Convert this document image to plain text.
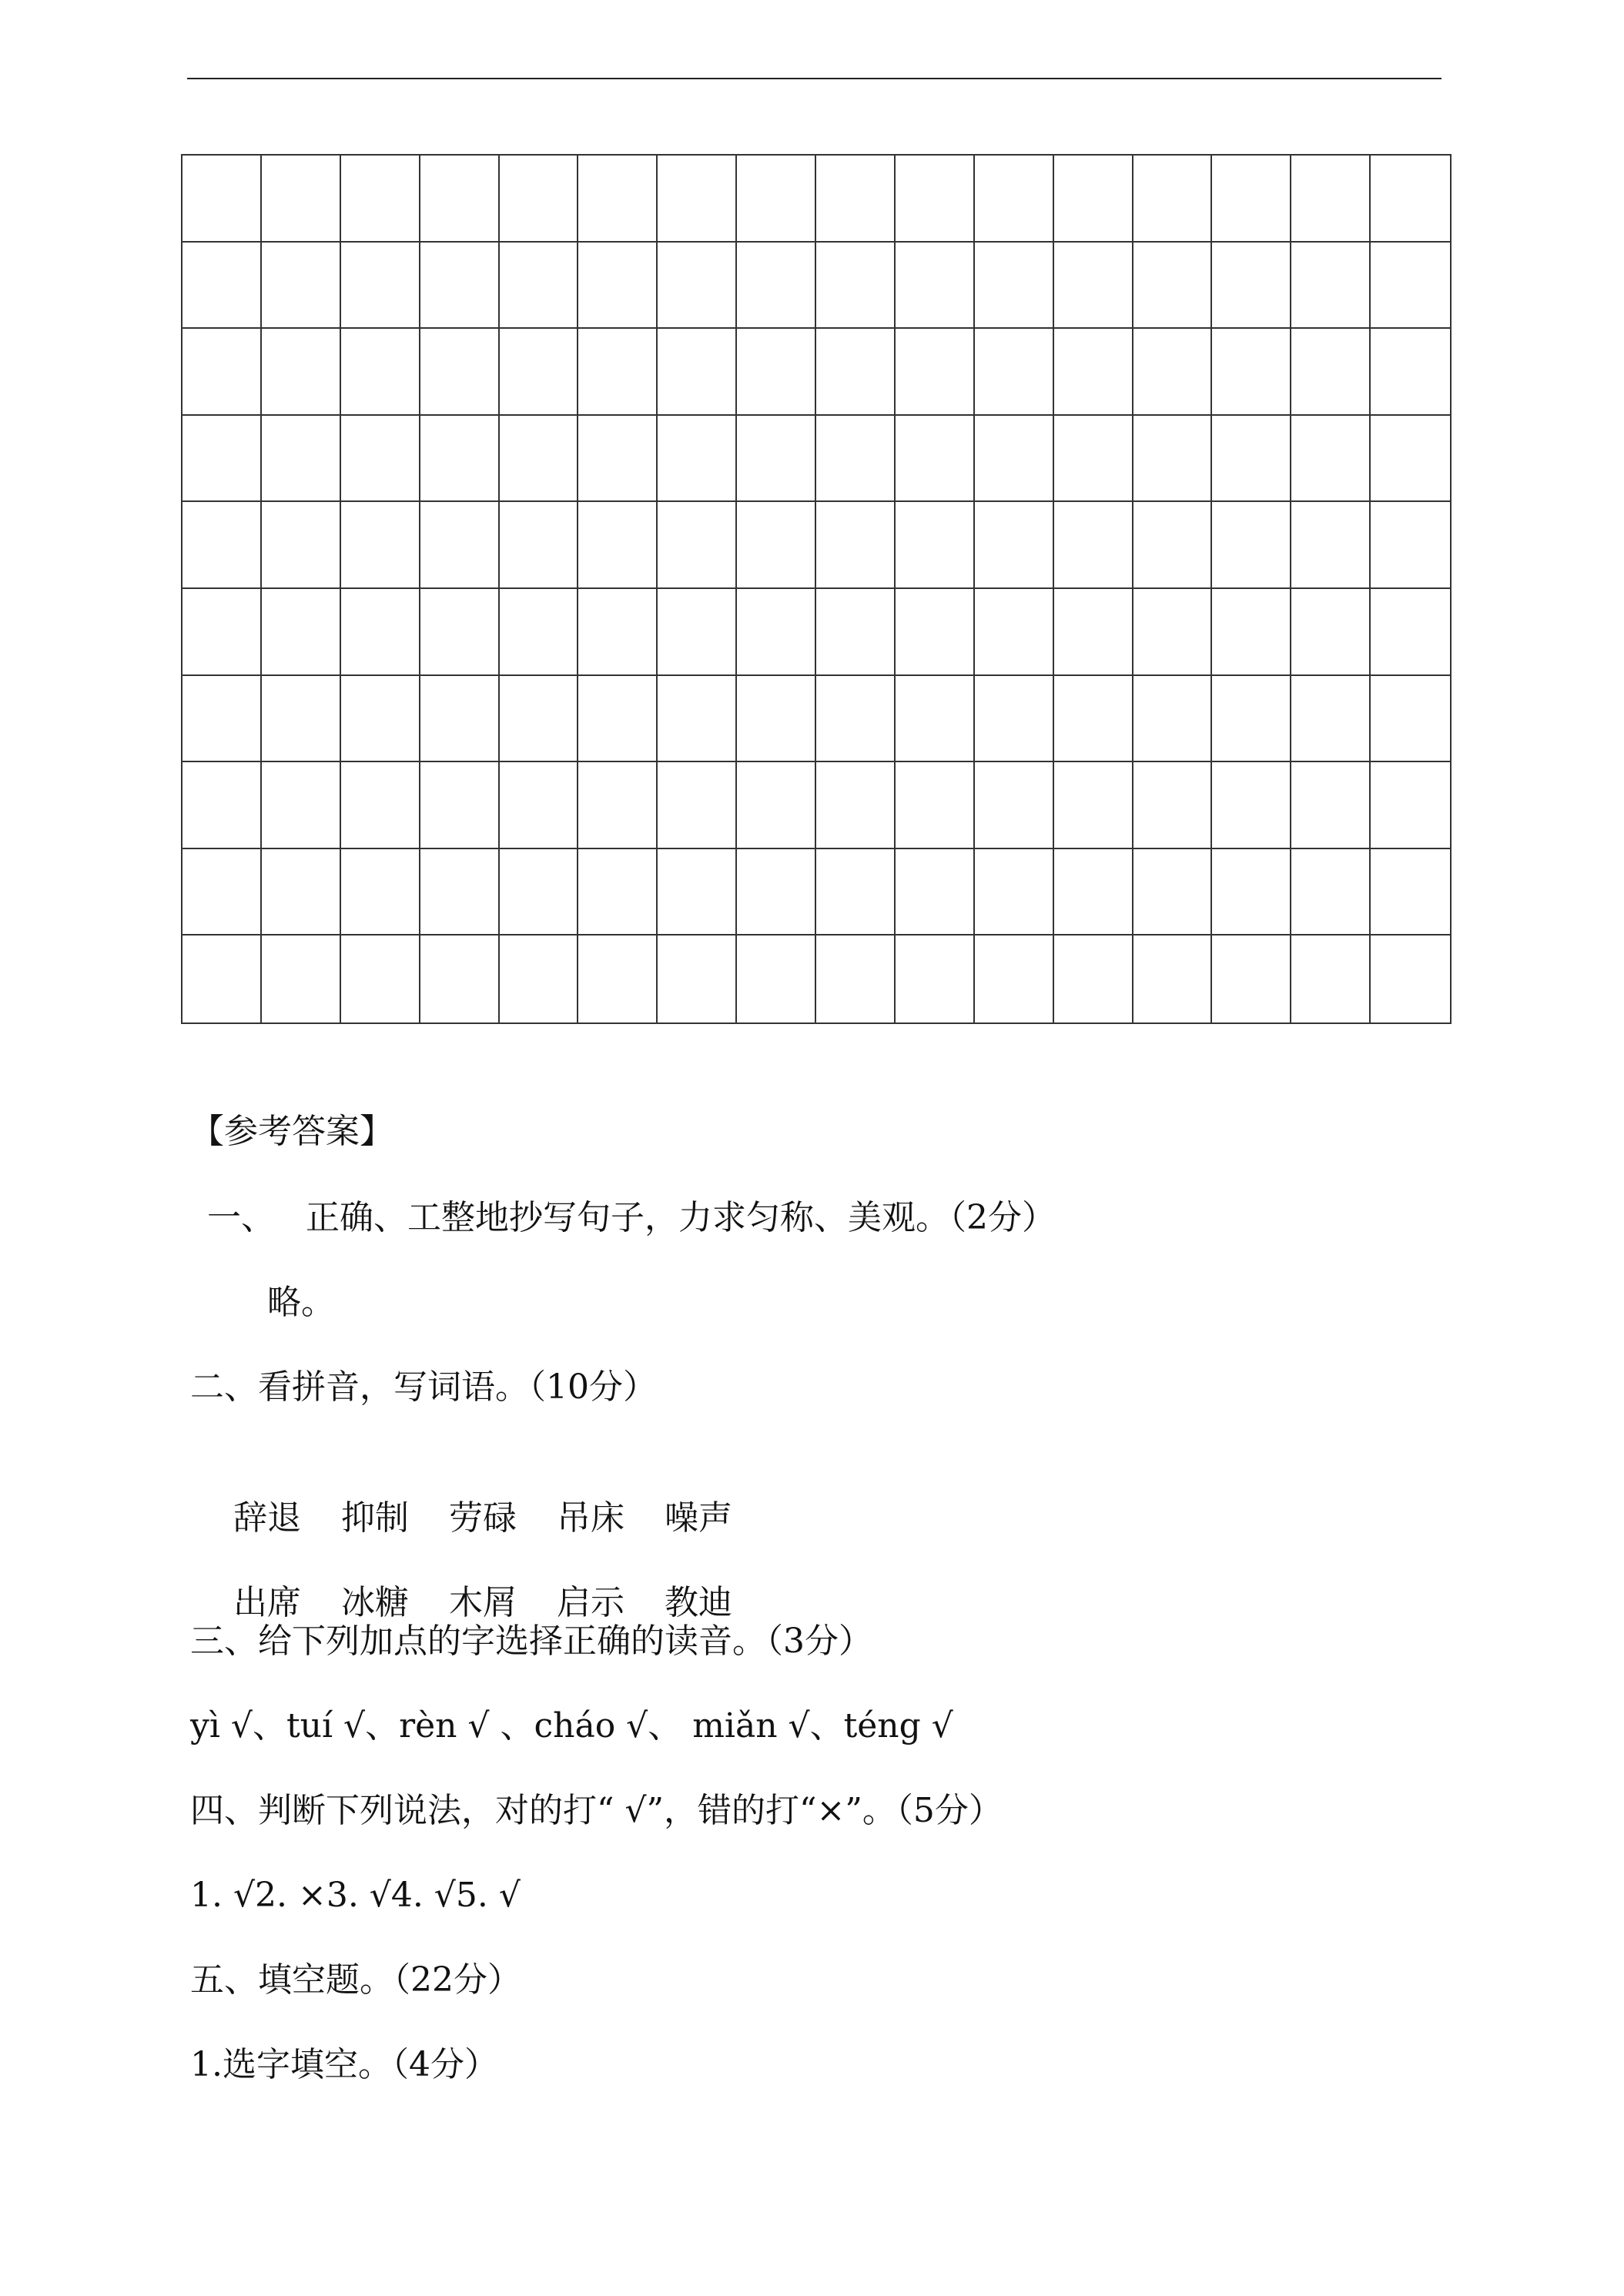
【参考答案】
一、 正确、工整地抄写句子，力求匀称、美观。（2分）
略。
二、看拼音，写词语。（10分）

辞退 抑制 劳碌 吊床 噪声

出席 冰糖 木屑 启示 教迪

三、给下列加点的字选择正确的读音。（3分）
yì √、tuí √、rèn √ 、cháo √、 miǎn √、téng √
四、判断下列说法，对的打“ √”，错的打“×”。（5分）
1. √2. ×3. √4. √5. √
五、填空题。（22分）
1.选字填空。（4分）
